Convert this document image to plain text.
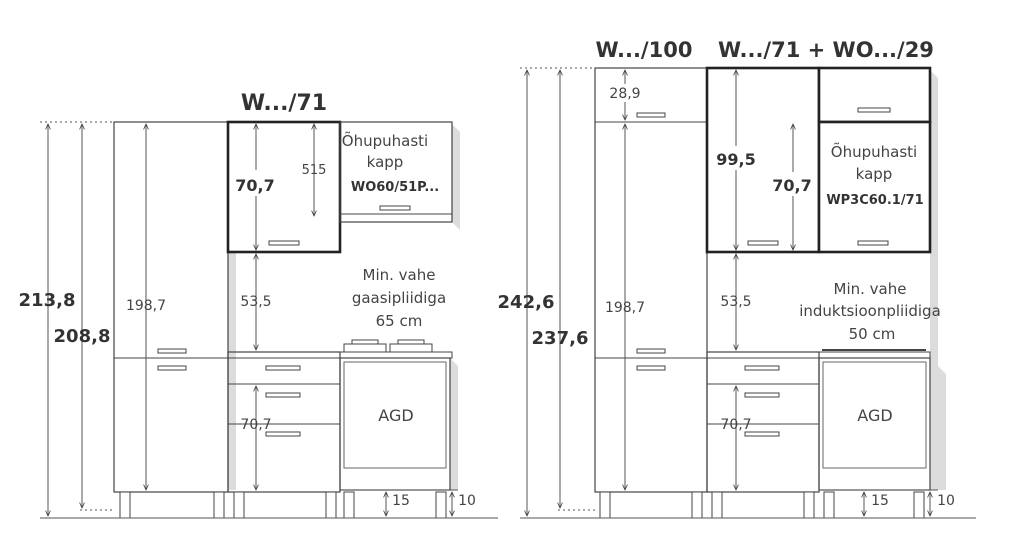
AGD
213,8
208,8
198,7
70,7
515
53,5
70,7
15	10
W.../71
Õhupuhasti
kapp
WO60/51P...
Min. vahe
gaasipliidiga
65 cm
AGD
242,6
237,6
28,9
198,7
99,5
70,7
53,5
70,7
15	10
W.../100 W.../71 + WO.../29
Õhupuhasti
kapp
WP3C60.1/71
Min. vahe
induktsioonpliidiga
50 cm
